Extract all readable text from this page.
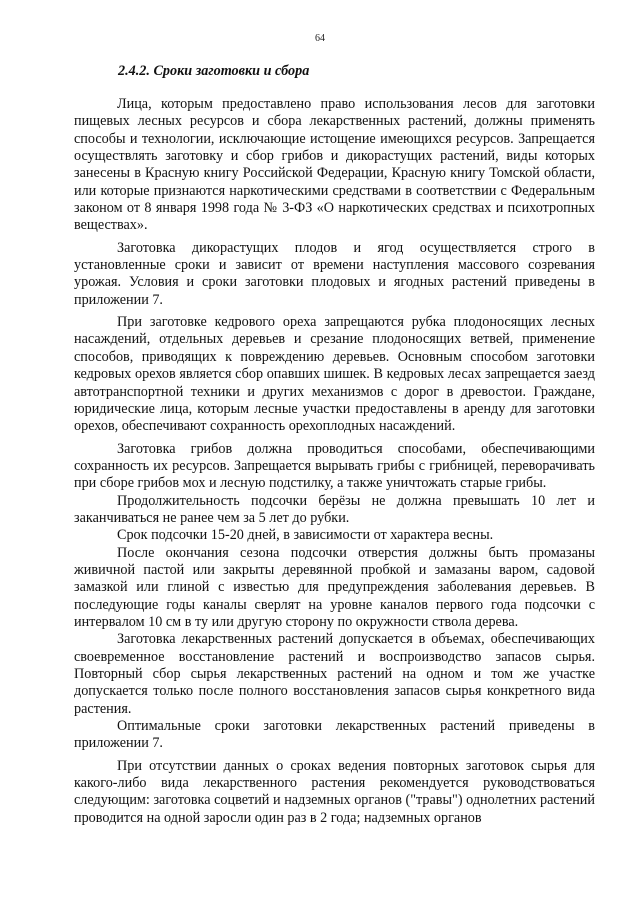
64
2.4.2. Сроки заготовки и сбора

Лица, которым предоставлено право использования лесов для заготовки пищевых лесных ресурсов и сбора лекарственных растений, должны применять способы и технологии, исключающие истощение имеющихся ресурсов. Запрещается осуществлять заготовку и сбор грибов и дикорастущих растений, виды которых занесены в Красную книгу Российской Федерации, Красную книгу Томской области, или которые признаются наркотическими средствами в соответствии с Федеральным законом от 8 января 1998 года № 3-ФЗ «О наркотических средствах и психотропных веществах».

Заготовка дикорастущих плодов и ягод осуществляется строго в установленные сроки и зависит от времени наступления массового созревания урожая. Условия и сроки заготовки плодовых и ягодных растений приведены в приложении 7.

При заготовке кедрового ореха запрещаются рубка плодоносящих лесных насаждений, отдельных деревьев и срезание плодоносящих ветвей, применение способов, приводящих к повреждению деревьев. Основным способом заготовки кедровых орехов является сбор опавших шишек. В кедровых лесах запрещается заезд автотранспортной техники и других механизмов с дорог в древостои. Граждане, юридические лица, которым лесные участки предоставлены в аренду для заготовки орехов, обеспечивают сохранность орехоплодных насаждений.

Заготовка грибов должна проводиться способами, обеспечивающими сохранность их ресурсов. Запрещается вырывать грибы с грибницей, переворачивать при сборе грибов мох и лесную подстилку, а также уничтожать старые грибы.

Продолжительность подсочки берёзы не должна превышать 10 лет и заканчиваться не ранее чем за 5 лет до рубки.

Срок подсочки 15-20 дней, в зависимости от характера весны.

После окончания сезона подсочки отверстия должны быть промазаны живичной пастой или закрыты деревянной пробкой и замазаны варом, садовой замазкой или глиной с известью для предупреждения заболевания деревьев. В последующие годы каналы сверлят на уровне каналов первого года подсочки с интервалом 10 см в ту или другую сторону по окружности ствола дерева.

Заготовка лекарственных растений допускается в объемах, обеспечивающих своевременное восстановление растений и воспроизводство запасов сырья. Повторный сбор сырья лекарственных растений на одном и том же участке допускается только после полного восстановления запасов сырья конкретного вида растения.

Оптимальные сроки заготовки лекарственных растений приведены в приложении 7.

При отсутствии данных о сроках ведения повторных заготовок сырья для какого-либо вида лекарственного растения рекомендуется руководствоваться следующим: заготовка соцветий и надземных органов ("травы") однолетних растений проводится на одной заросли один раз в 2 года; надземных органов
